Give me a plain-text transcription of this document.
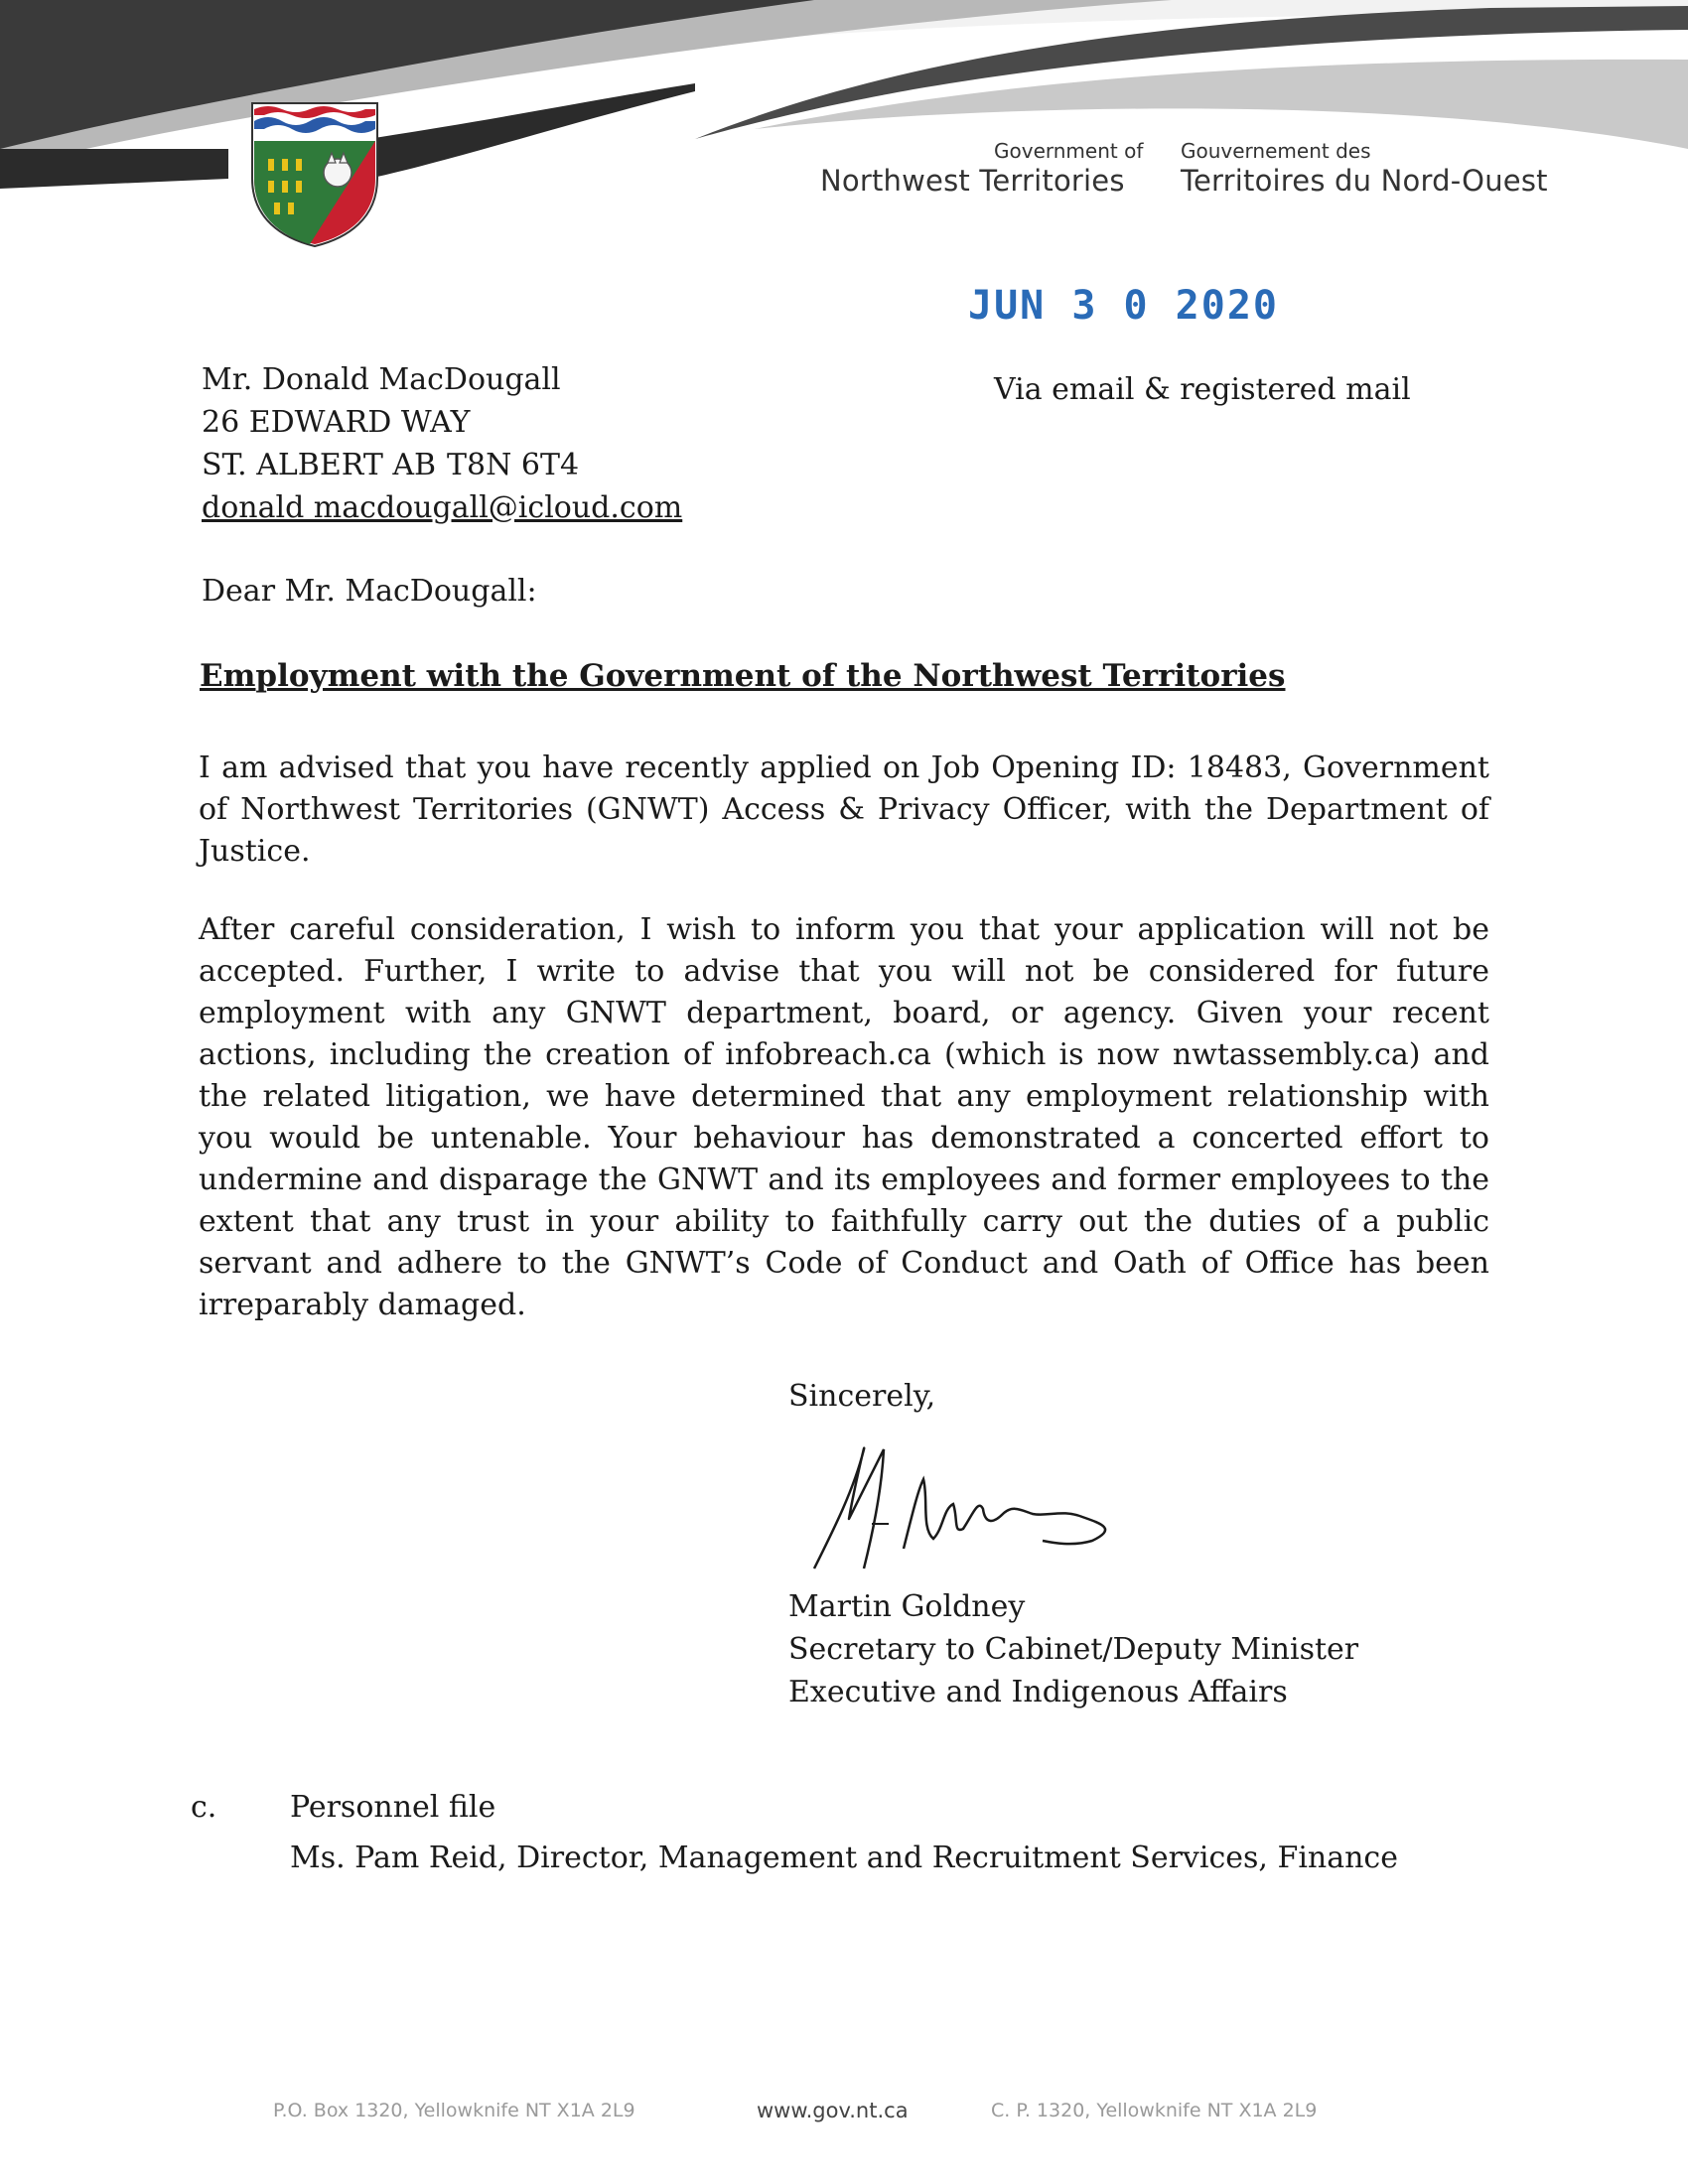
Government of
Northwest Territories
Gouvernement des
Territoires du Nord-Ouest
JUN 3 0 2020
Via email & registered mail
Mr. Donald MacDougall
26 EDWARD WAY
ST. ALBERT AB T8N 6T4
donald macdougall@icloud.com
Dear Mr. MacDougall:
Employment with the Government of the Northwest Territories
I am advised that you have recently applied on Job Opening ID: 18483, Government of Northwest Territories (GNWT) Access & Privacy Officer, with the Department of Justice.
After careful consideration, I wish to inform you that your application will not be accepted. Further, I write to advise that you will not be considered for future employment with any GNWT department, board, or agency. Given your recent actions, including the creation of infobreach.ca (which is now nwtassembly.ca) and the related litigation, we have determined that any employment relationship with you would be untenable. Your behaviour has demonstrated a concerted effort to undermine and disparage the GNWT and its employees and former employees to the extent that any trust in your ability to faithfully carry out the duties of a public servant and adhere to the GNWT’s Code of Conduct and Oath of Office has been irreparably damaged.
Sincerely,
Martin Goldney
Secretary to Cabinet/Deputy Minister
Executive and Indigenous Affairs
c. Personnel file
Ms. Pam Reid, Director, Management and Recruitment Services, Finance
P.O. Box 1320, Yellowknife NT X1A 2L9	www.gov.nt.ca	C. P. 1320, Yellowknife NT X1A 2L9
